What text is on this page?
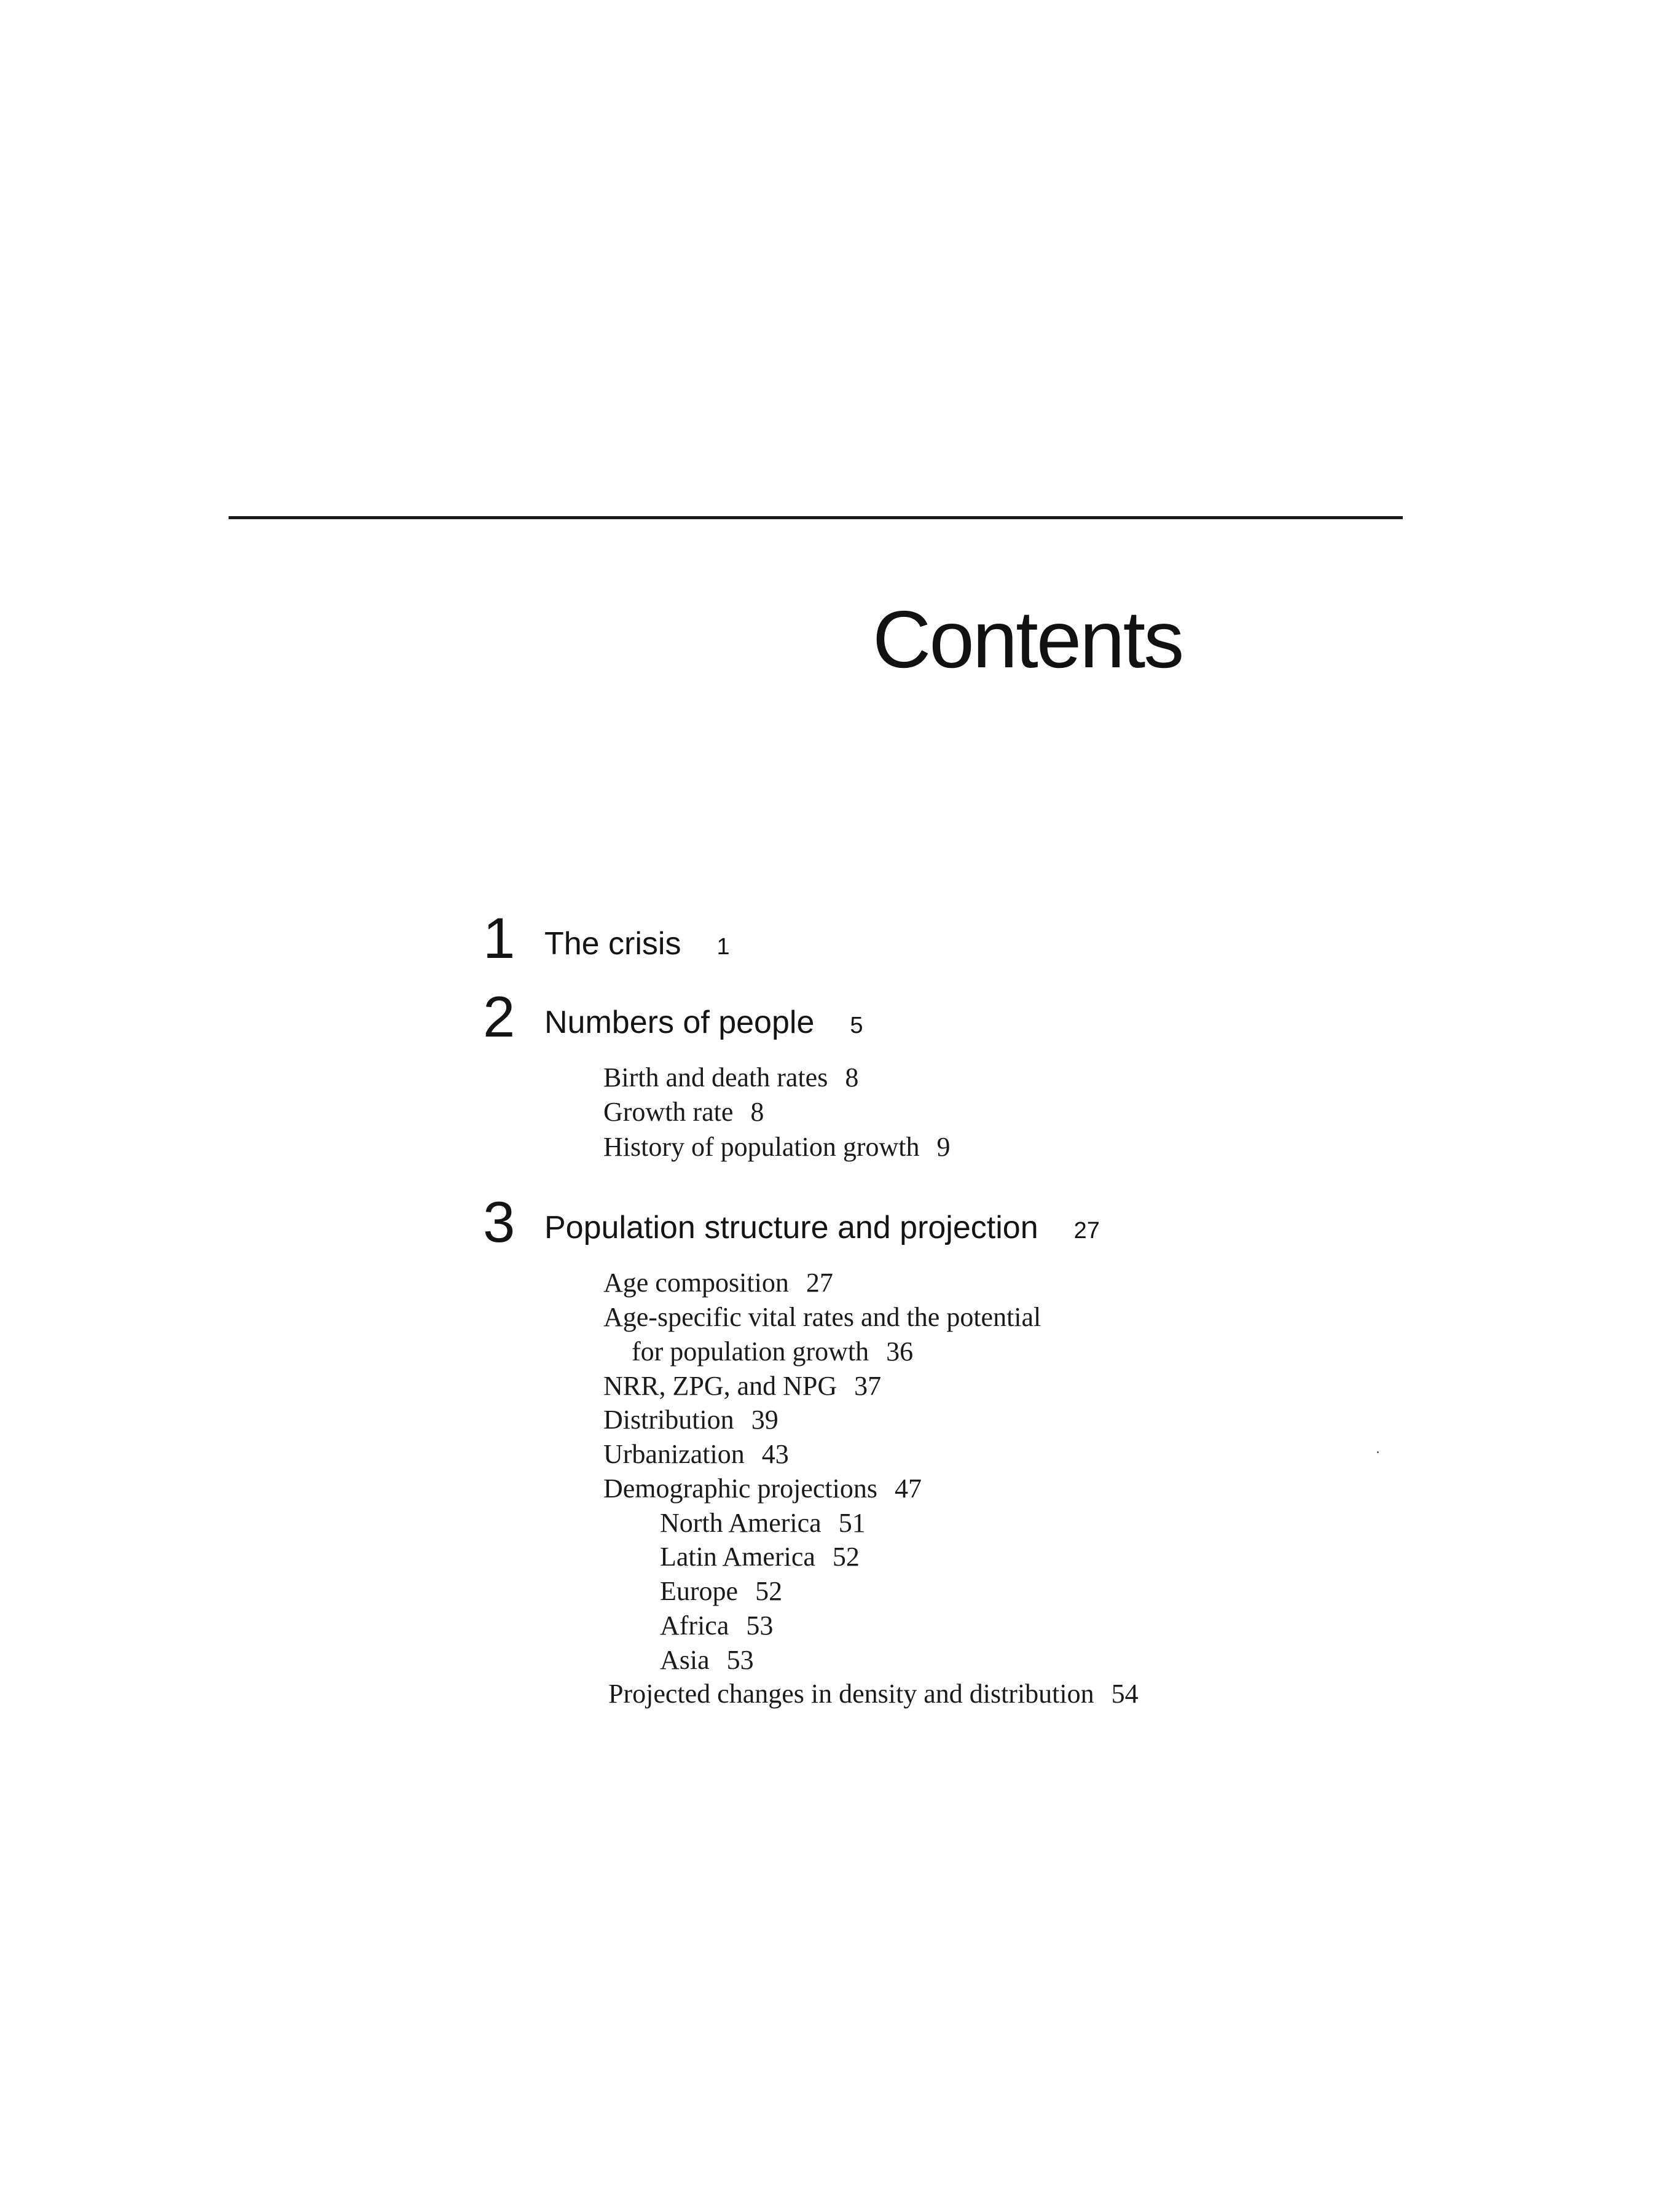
Contents
1 The crisis 1
2 Numbers of people 5
Birth and death rates 8
Growth rate 8
History of population growth 9
3 Population structure and projection 27
Age composition 27
Age-specific vital rates and the potential
for population growth 36
NRR, ZPG, and NPG 37
Distribution 39
Urbanization 43
Demographic projections 47
North America 51
Latin America 52
Europe 52
Africa 53
Asia 53
Projected changes in density and distribution 54
